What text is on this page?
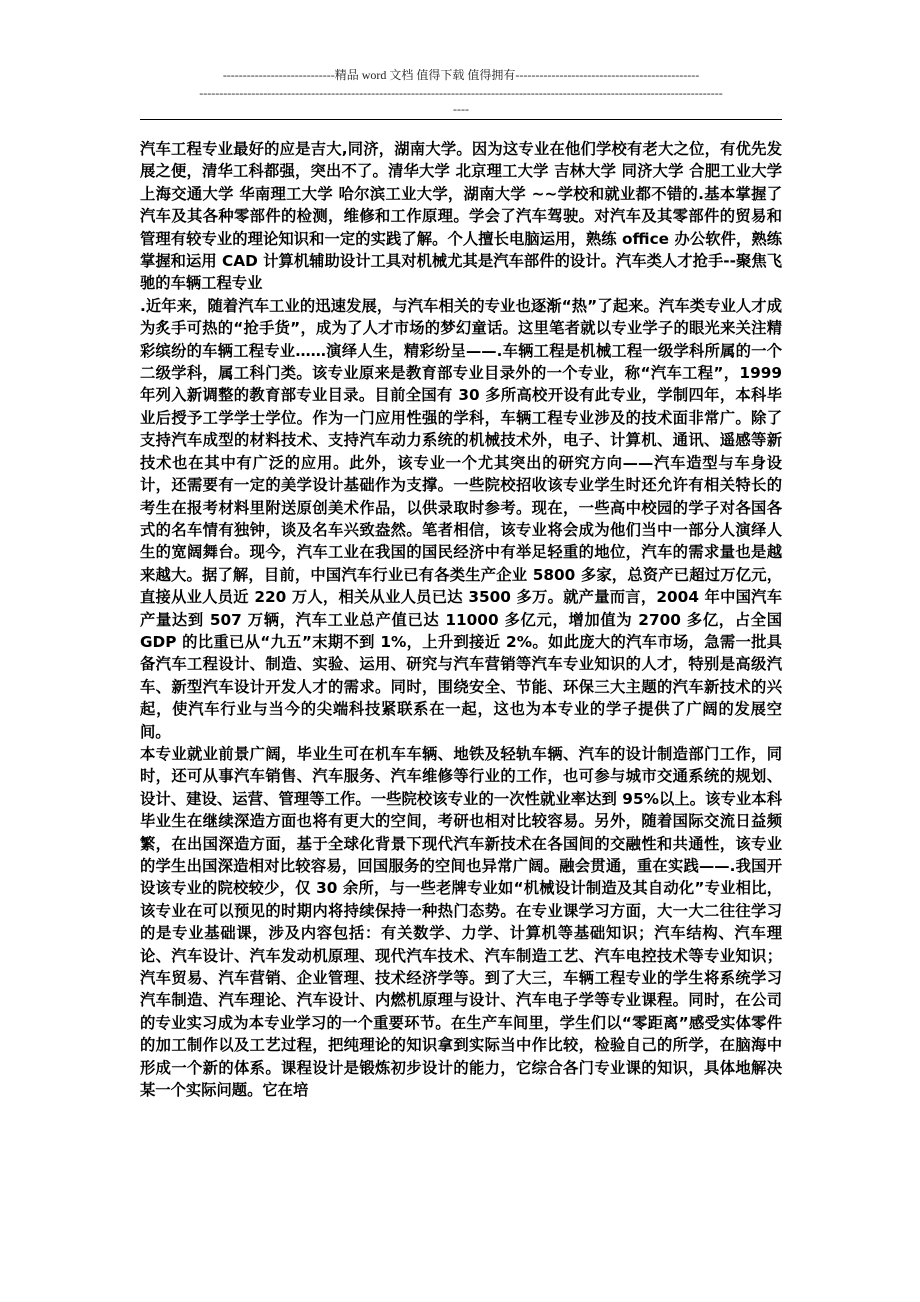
----------------------------精品 word 文档 值得下载 值得拥有----------------------------------------------
-----------------------------------------------------------------------------------------------------------------------------------
----

汽车工程专业最好的应是吉大,同济，湖南大学。因为这专业在他们学校有老大之位，有优先发展之便，清华工科都强，突出不了。清华大学 北京理工大学 吉林大学 同济大学 合肥工业大学 上海交通大学 华南理工大学 哈尔滨工业大学，湖南大学 ~~学校和就业都不错的.基本掌握了汽车及其各种零部件的检测，维修和工作原理。学会了汽车驾驶。对汽车及其零部件的贸易和管理有较专业的理论知识和一定的实践了解。个人擅长电脑运用，熟练 office 办公软件，熟练掌握和运用 CAD 计算机辅助设计工具对机械尤其是汽车部件的设计。汽车类人才抢手--聚焦飞驰的车辆工程专业

.近年来，随着汽车工业的迅速发展，与汽车相关的专业也逐渐“热”了起来。汽车类专业人才成为炙手可热的“抢手货”，成为了人才市场的梦幻童话。这里笔者就以专业学子的眼光来关注精彩缤纷的车辆工程专业……演绎人生，精彩纷呈——.车辆工程是机械工程一级学科所属的一个二级学科，属工科门类。该专业原来是教育部专业目录外的一个专业，称“汽车工程”，1999 年列入新调整的教育部专业目录。目前全国有 30 多所高校开设有此专业，学制四年，本科毕业后授予工学学士学位。作为一门应用性强的学科，车辆工程专业涉及的技术面非常广。除了支持汽车成型的材料技术、支持汽车动力系统的机械技术外，电子、计算机、通讯、遥感等新技术也在其中有广泛的应用。此外，该专业一个尤其突出的研究方向——汽车造型与车身设计，还需要有一定的美学设计基础作为支撑。一些院校招收该专业学生时还允许有相关特长的考生在报考材料里附送原创美术作品，以供录取时参考。现在，一些高中校园的学子对各国各式的名车情有独钟，谈及名车兴致盎然。笔者相信，该专业将会成为他们当中一部分人演绎人生的宽阔舞台。现今，汽车工业在我国的国民经济中有举足轻重的地位，汽车的需求量也是越来越大。据了解，目前，中国汽车行业已有各类生产企业 5800 多家，总资产已超过万亿元，直接从业人员近 220 万人，相关从业人员已达 3500 多万。就产量而言，2004 年中国汽车产量达到 507 万辆，汽车工业总产值已达 11000 多亿元，增加值为 2700 多亿，占全国 GDP 的比重已从“九五”末期不到 1%，上升到接近 2%。如此庞大的汽车市场，急需一批具备汽车工程设计、制造、实验、运用、研究与汽车营销等汽车专业知识的人才，特别是高级汽车、新型汽车设计开发人才的需求。同时，围绕安全、节能、环保三大主题的汽车新技术的兴起，使汽车行业与当今的尖端科技紧联系在一起，这也为本专业的学子提供了广阔的发展空间。

本专业就业前景广阔，毕业生可在机车车辆、地铁及轻轨车辆、汽车的设计制造部门工作，同时，还可从事汽车销售、汽车服务、汽车维修等行业的工作，也可参与城市交通系统的规划、设计、建设、运营、管理等工作。一些院校该专业的一次性就业率达到 95%以上。该专业本科毕业生在继续深造方面也将有更大的空间，考研也相对比较容易。另外，随着国际交流日益频繁，在出国深造方面，基于全球化背景下现代汽车新技术在各国间的交融性和共通性，该专业的学生出国深造相对比较容易，回国服务的空间也异常广阔。融会贯通，重在实践——.我国开设该专业的院校较少，仅 30 余所，与一些老牌专业如“机械设计制造及其自动化”专业相比，该专业在可以预见的时期内将持续保持一种热门态势。在专业课学习方面，大一大二往往学习的是专业基础课，涉及内容包括：有关数学、力学、计算机等基础知识；汽车结构、汽车理论、汽车设计、汽车发动机原理、现代汽车技术、汽车制造工艺、汽车电控技术等专业知识；汽车贸易、汽车营销、企业管理、技术经济学等。到了大三，车辆工程专业的学生将系统学习汽车制造、汽车理论、汽车设计、内燃机原理与设计、汽车电子学等专业课程。同时，在公司的专业实习成为本专业学习的一个重要环节。在生产车间里，学生们以“零距离”感受实体零件的加工制作以及工艺过程，把纯理论的知识拿到实际当中作比较，检验自己的所学，在脑海中形成一个新的体系。课程设计是锻炼初步设计的能力，它综合各门专业课的知识，具体地解决某一个实际问题。它在培
